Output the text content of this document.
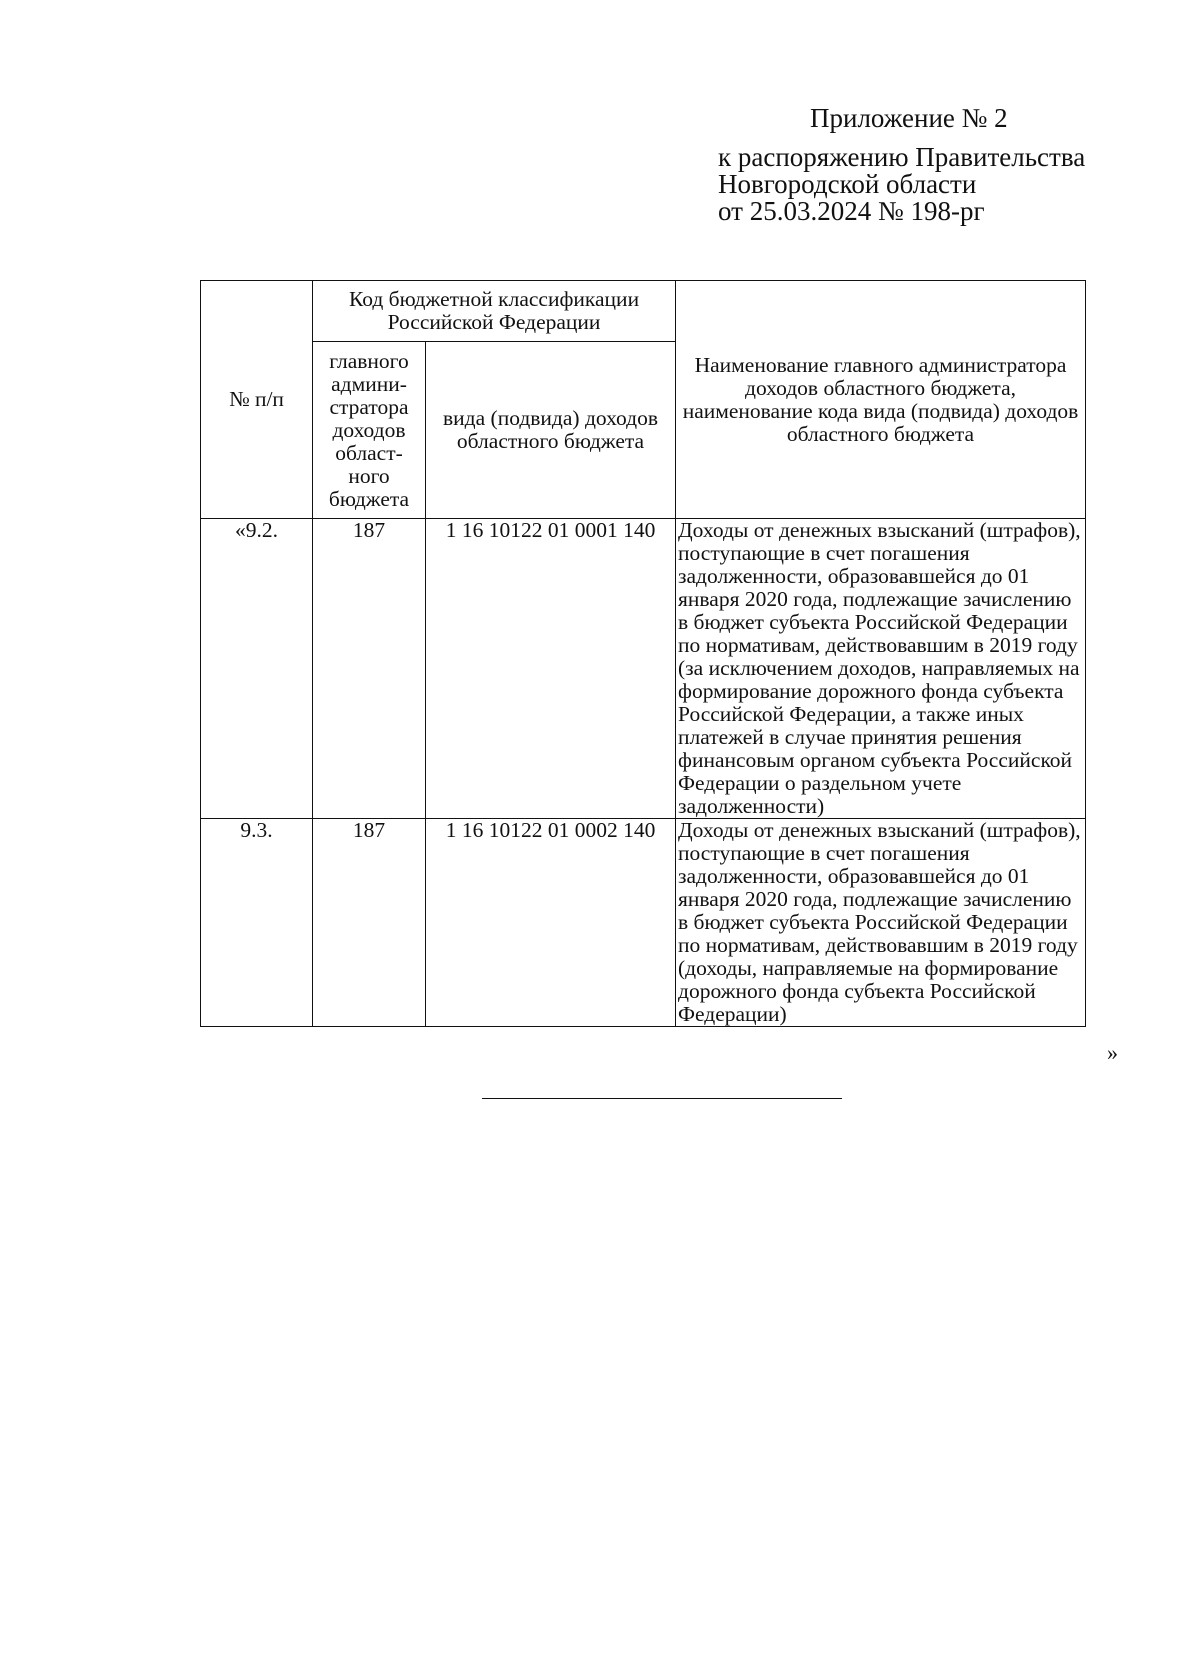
Приложение № 2
к распоряжению Правительства
Новгородской области
от 25.03.2024 № 198-рг
№ п/п	Код бюджетной классификации Российской Федерации		Наименование главного администратора доходов областного бюджета, наименование кода вида (подвида) доходов областного бюджета
	главного админи- стратора доходов област- ного бюджета	вида (подвида) доходов областного бюджета	
«9.2.	187	1 16 10122 01 0001 140	Доходы от денежных взысканий (штрафов), поступающие в счет погашения задолженности, образовавшейся до 01 января 2020 года, подлежащие зачислению в бюджет субъекта Российской Федерации по нормативам, действовавшим в 2019 году (за исключением доходов, направляемых на формирование дорожного фонда субъекта Российской Федерации, а также иных платежей в случае принятия решения финансовым органом субъекта Российской Федерации о раздельном учете задолженности)
9.3.	187	1 16 10122 01 0002 140	Доходы от денежных взысканий (штрафов), поступающие в счет погашения задолженности, образовавшейся до 01 января 2020 года, подлежащие зачислению в бюджет субъекта Российской Федерации по нормативам, действовавшим в 2019 году (доходы, направляемые на формирование дорожного фонда субъекта Российской Федерации)
»
